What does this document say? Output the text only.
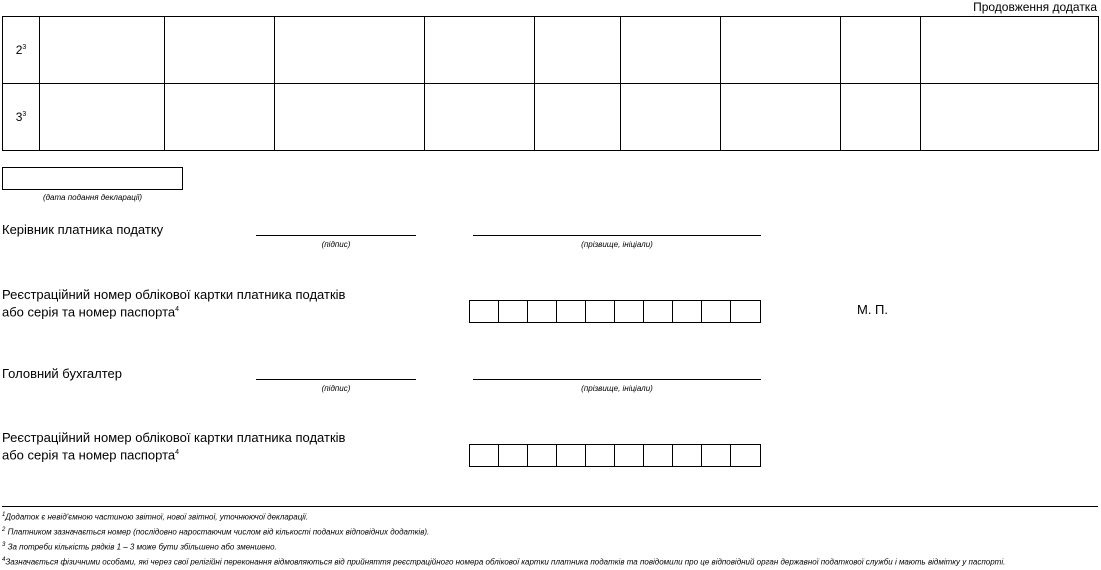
Продовження додатка
$2^3$									
$3^3$									
(дата подання декларації)
Керівник платника податку
(підпис)	(прізвище, ініціали)
Реєстраційний номер облікової картки платника податків
або серія та номер паспорта$^4$	М. П.
Головний бухгалтер
(підпис)	(прізвище, ініціали)
Реєстраційний номер облікової картки платника податків
або серія та номер паспорта$^4$
$^1$Додаток є невід'ємною частиною звітної, нової звітної, уточнюючої декларації.
$^2$ Платником зазначається номер (послідовно наростаючим числом від кількості поданих відповідних додатків).
$^3$ За потреби кількість рядків 1 – 3 може бути збільшено або зменшено.
$^4$Зазначається фізичними особами, які через свої релігійні переконання відмовляються від прийняття реєстраційного номера облікової картки платника податків та повідомили про це відповідний орган державної податкової служби і мають відмітку у паспорті.
